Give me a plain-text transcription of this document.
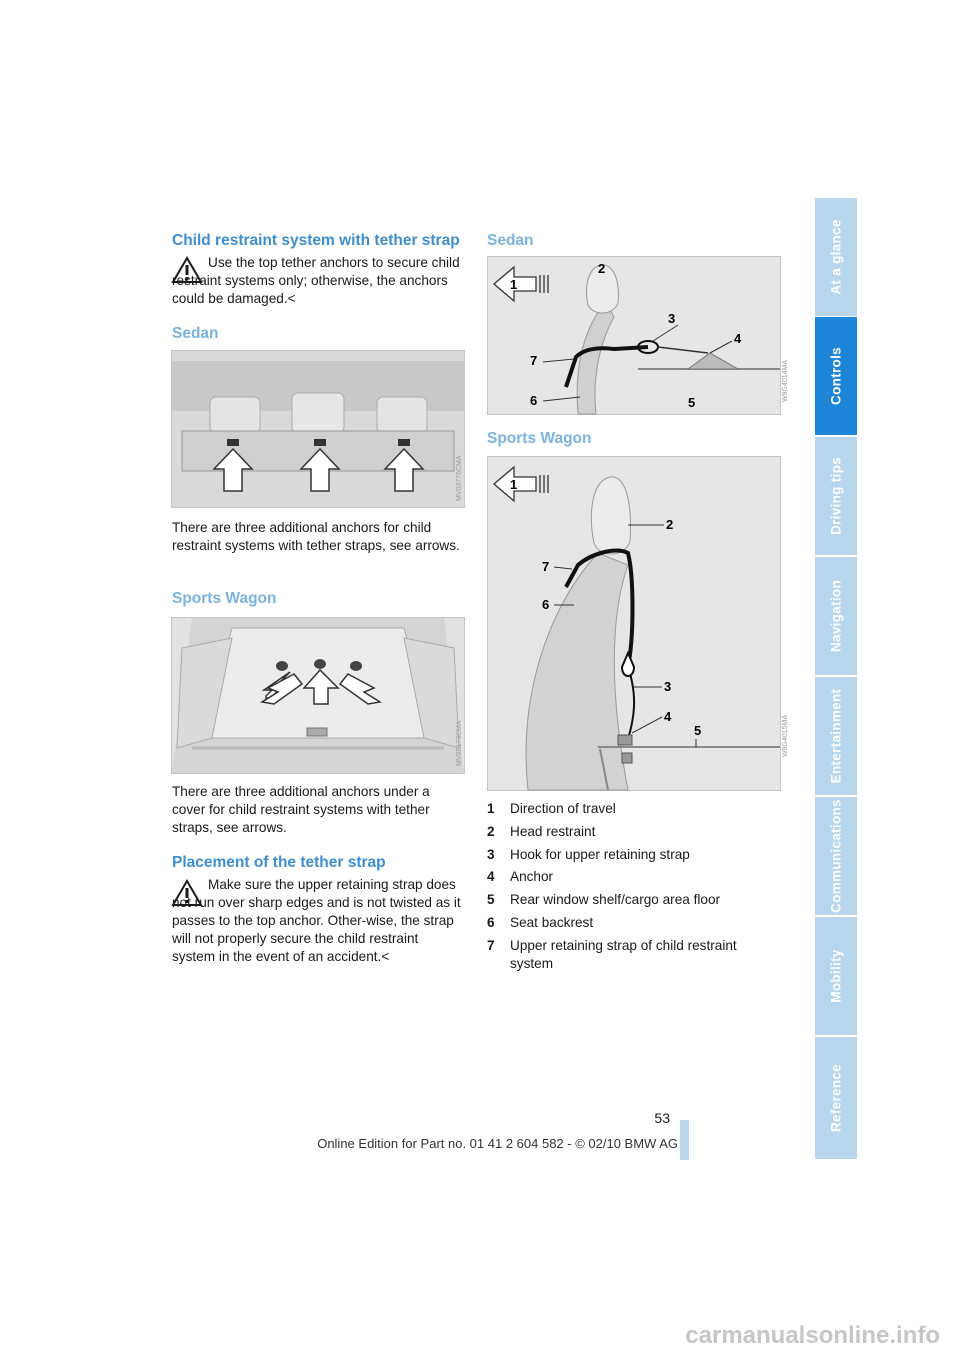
Child restraint system with tether strap

Use the top tether anchors to secure child restraint systems only; otherwise, the anchors could be damaged.<

Sedan
MV03776CMA

There are three additional anchors for child restraint systems with tether straps, see arrows.

Sports Wagon
MV05173CMA

There are three additional anchors under a cover for child restraint systems with tether straps, see arrows.

Placement of the tether strap

Make sure the upper retaining strap does not run over sharp edges and is not twisted as it passes to the top anchor. Other-wise, the strap will not properly secure the child restraint system in the event of an accident.<

Sedan
1
2
3
4
5
6
7	W9G4014MA
Sports Wagon
1
2
3
4
5
6
7
W9G4015MA
1 Direction of travel
2 Head restraint
3 Hook for upper retaining strap
4 Anchor
5 Rear window shelf/cargo area floor
6 Seat backrest
7 Upper retaining strap of child restraint system
At a glance
Controls
Driving tips
Navigation
Entertainment
Communications
Mobility
Reference
53
Online Edition for Part no. 01 41 2 604 582 - © 02/10 BMW AG
carmanualsonline.info
